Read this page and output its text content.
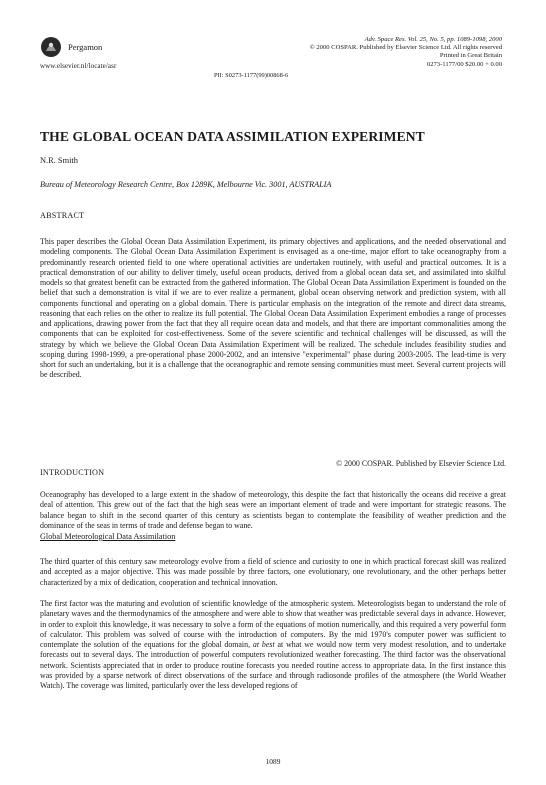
Pergamon
www.elsevier.nl/locate/asr
Adv. Space Res. Vol. 25, No. 5, pp. 1089-1098, 2000
© 2000 COSPAR. Published by Elsevier Science Ltd. All rights reserved
Printed in Great Britain
0273-1177/00 $20.00 + 0.00
PII: S0273-1177(99)00868-6
THE GLOBAL OCEAN DATA ASSIMILATION EXPERIMENT
N.R. Smith
Bureau of Meteorology Research Centre, Box 1289K, Melbourne Vic. 3001, AUSTRALIA
ABSTRACT

This paper describes the Global Ocean Data Assimilation Experiment, its primary objectives and applications, and the needed observational and modeling components. The Global Ocean Data Assimilation Experiment is envisaged as a one-time, major effort to take oceanography from a predominantly research oriented field to one where operational activities are undertaken routinely, with useful and practical outcomes. It is a practical demonstration of our ability to deliver timely, useful ocean products, derived from a global ocean data set, and assimilated into skilful models so that greatest benefit can be extracted from the gathered information. The Global Ocean Data Assimilation Experiment is founded on the belief that such a demonstration is vital if we are to ever realize a permanent, global ocean observing network and prediction system, with all components functional and operating on a global domain. There is particular emphasis on the integration of the remote and direct data streams, reasoning that each relies on the other to realize its full potential. The Global Ocean Data Assimilation Experiment embodies a range of processes and applications, drawing power from the fact that they all require ocean data and models, and that there are important commonalities among the components that can be exploited for cost-effectiveness. Some of the severe scientific and technical challenges will be discussed, as will the strategy by which we believe the Global Ocean Data Assimilation Experiment will be realized. The schedule includes feasibility studies and scoping during 1998-1999, a pre-operational phase 2000-2002, and an intensive "experimental" phase during 2003-2005. The lead-time is very short for such an undertaking, but it is a challenge that the oceanographic and remote sensing communities must meet. Several current projects will be described.

© 2000 COSPAR. Published by Elsevier Science Ltd.
INTRODUCTION

Oceanography has developed to a large extent in the shadow of meteorology, this despite the fact that historically the oceans did receive a great deal of attention. This grew out of the fact that the high seas were an important element of trade and were important for strategic reasons. The balance began to shift in the second quarter of this century as scientists began to contemplate the feasibility of weather prediction and the dominance of the seas in terms of trade and defense began to wane.

Global Meteorological Data Assimilation

The third quarter of this century saw meteorology evolve from a field of science and curiosity to one in which practical forecast skill was realized and accepted as a major objective. This was made possible by three factors, one evolutionary, one revolutionary, and the other perhaps better characterized by a mix of dedication, cooperation and technical innovation.

The first factor was the maturing and evolution of scientific knowledge of the atmospheric system. Meteorologists began to understand the role of planetary waves and the thermodynamics of the atmosphere and were able to show that weather was predictable several days in advance. However, in order to exploit this knowledge, it was necessary to solve a form of the equations of motion numerically, and this required a very powerful form of calculator. This problem was solved of course with the introduction of computers. By the mid 1970's computer power was sufficient to contemplate the solution of the equations for the global domain, at best at what we would now term very modest resolution, and to undertake forecasts out to several days. The introduction of powerful computers revolutionized weather forecasting. The third factor was the observational network. Scientists appreciated that in order to produce routine forecasts you needed routine access to appropriate data. In the first instance this was provided by a sparse network of direct observations of the surface and through radiosonde profiles of the atmosphere (the World Weather Watch). The coverage was limited, particularly over the less developed regions of

1089
